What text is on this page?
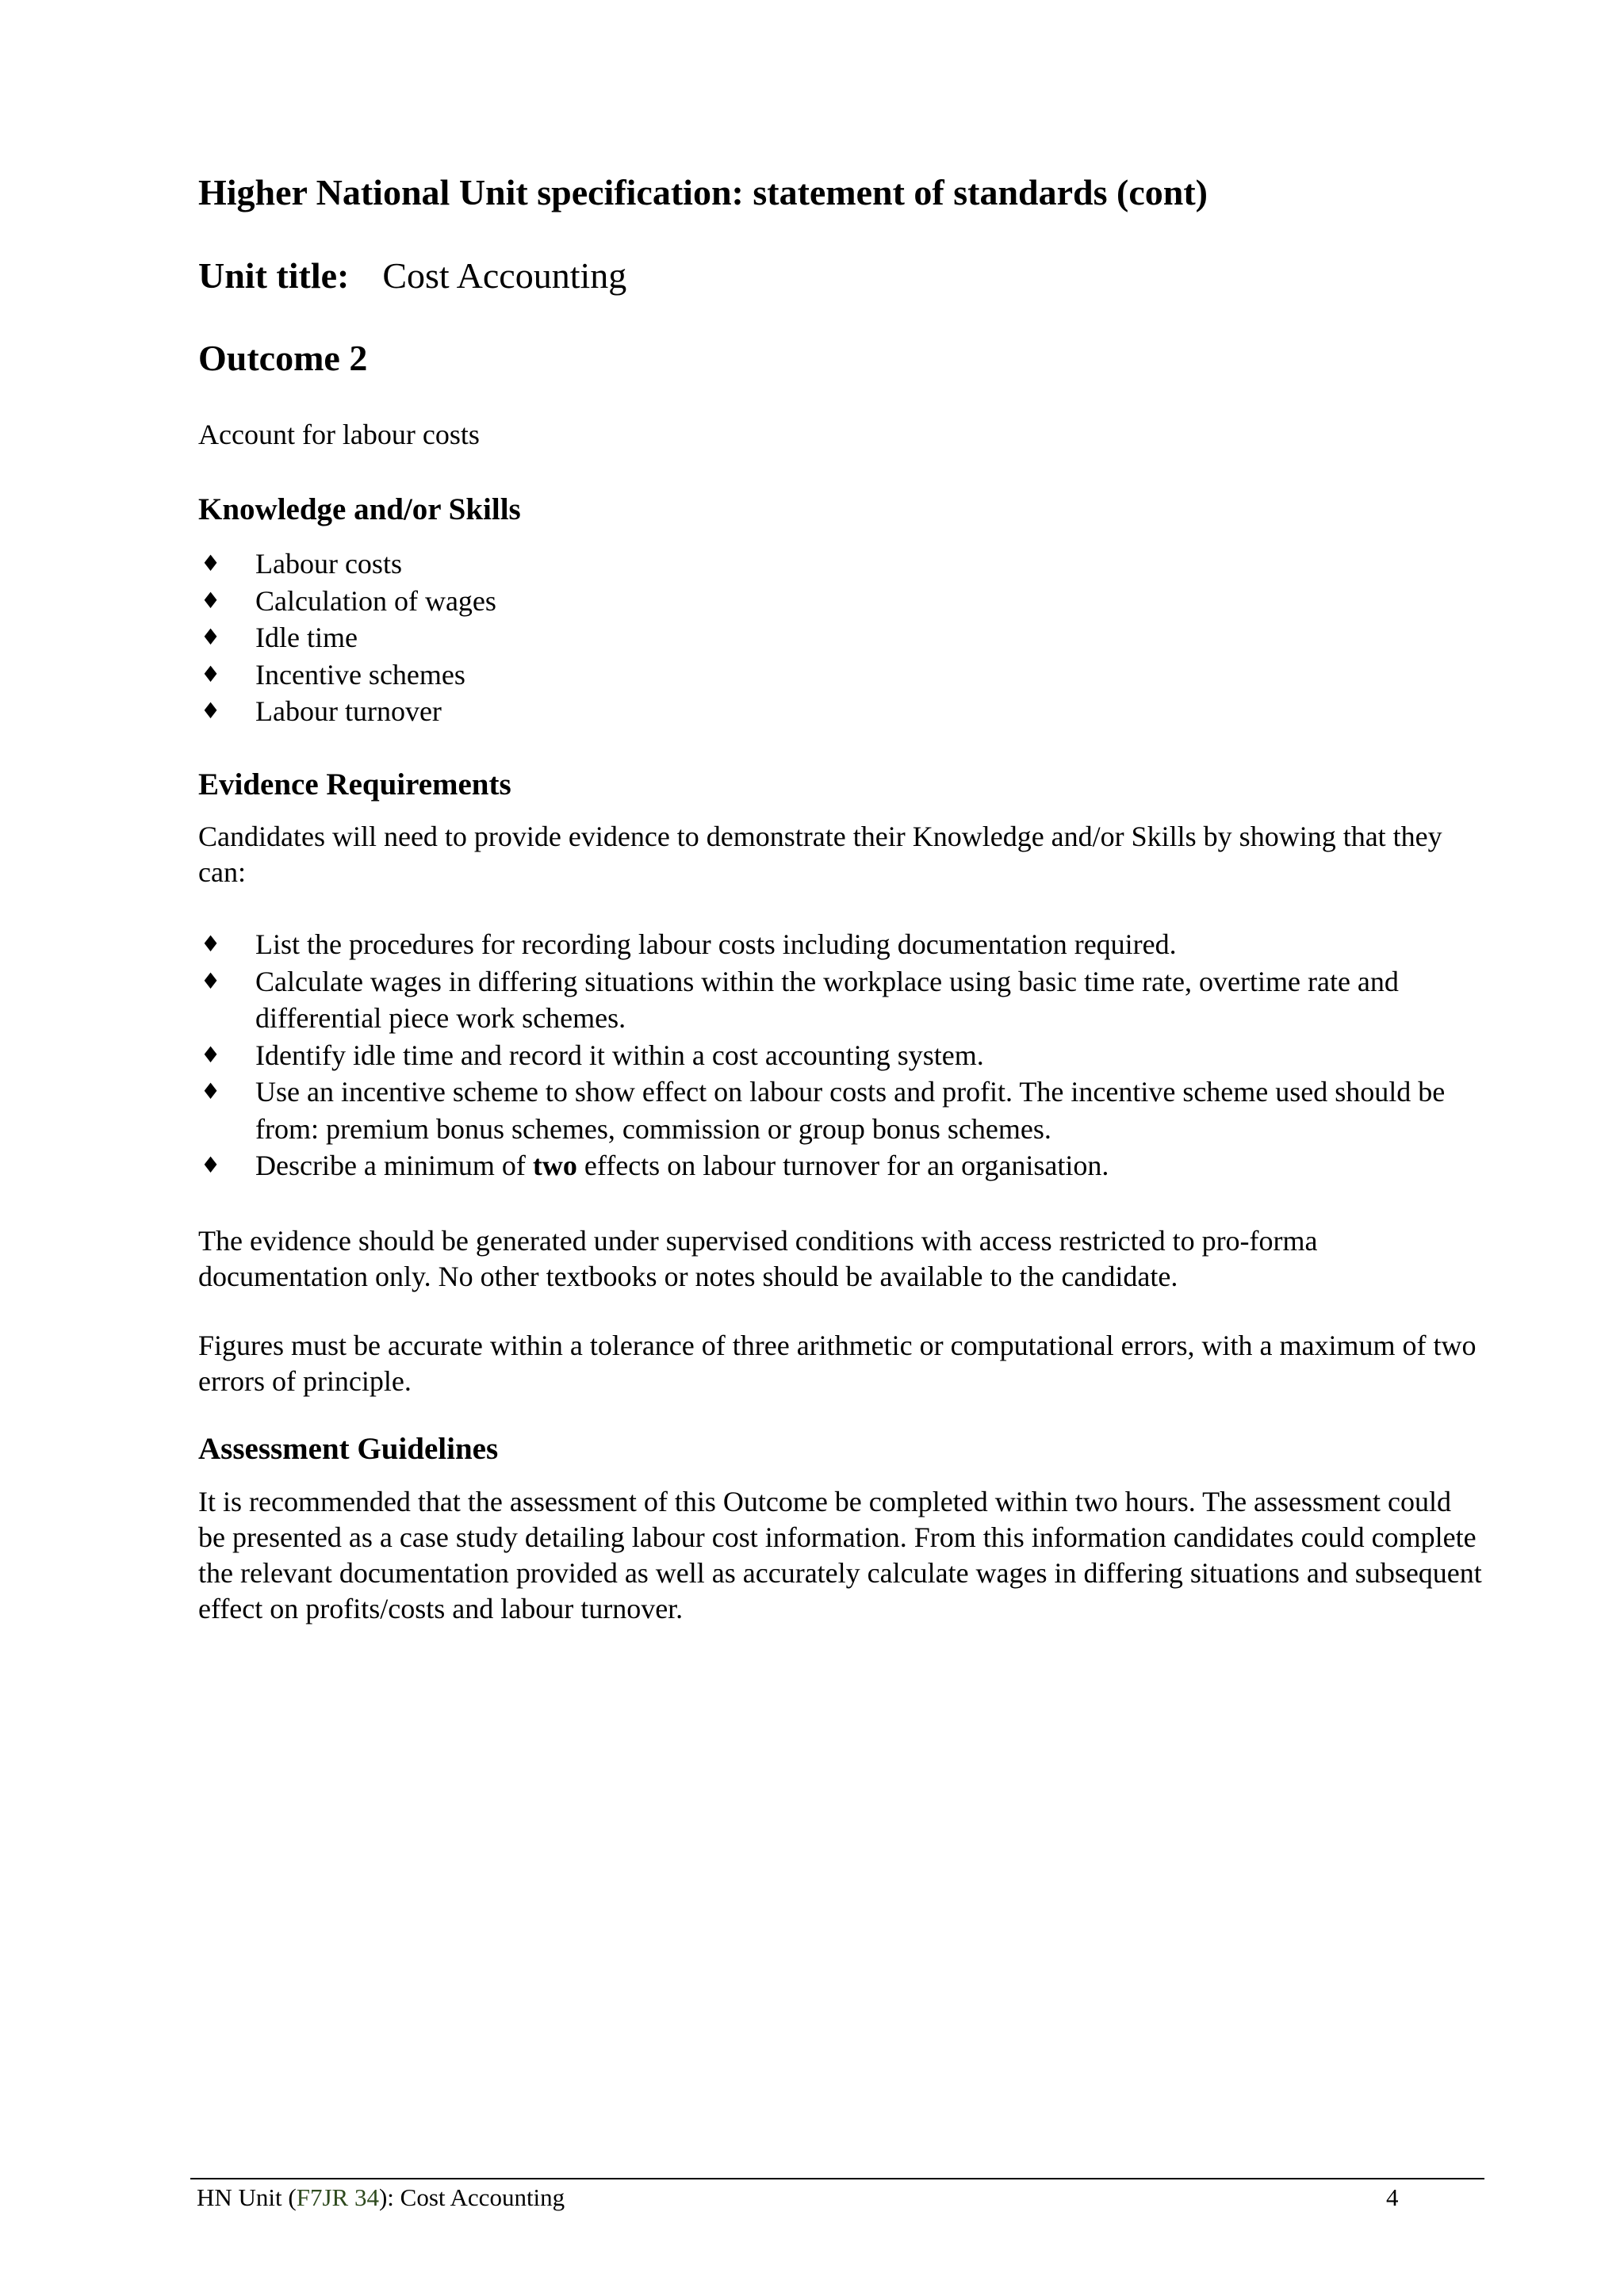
Higher National Unit specification: statement of standards (cont)
Unit title: Cost Accounting
Outcome 2

Account for labour costs

Knowledge and/or Skills
♦ Labour costs
♦ Calculation of wages
♦ Idle time
♦ Incentive schemes
♦ Labour turnover
Evidence Requirements

Candidates will need to provide evidence to demonstrate their Knowledge and/or Skills by showing that they can:

♦ List the procedures for recording labour costs including documentation required.
♦ Calculate wages in differing situations within the workplace using basic time rate, overtime rate and differential piece work schemes.
♦ Identify idle time and record it within a cost accounting system.
♦ Use an incentive scheme to show effect on labour costs and profit. The incentive scheme used should be from: premium bonus schemes, commission or group bonus schemes.
♦ Describe a minimum of two effects on labour turnover for an organisation.

The evidence should be generated under supervised conditions with access restricted to pro-forma documentation only. No other textbooks or notes should be available to the candidate.

Figures must be accurate within a tolerance of three arithmetic or computational errors, with a maximum of two errors of principle.

Assessment Guidelines

It is recommended that the assessment of this Outcome be completed within two hours. The assessment could be presented as a case study detailing labour cost information. From this information candidates could complete the relevant documentation provided as well as accurately calculate wages in differing situations and subsequent effect on profits/costs and labour turnover.

HN Unit (F7JR 34): Cost Accounting	4
